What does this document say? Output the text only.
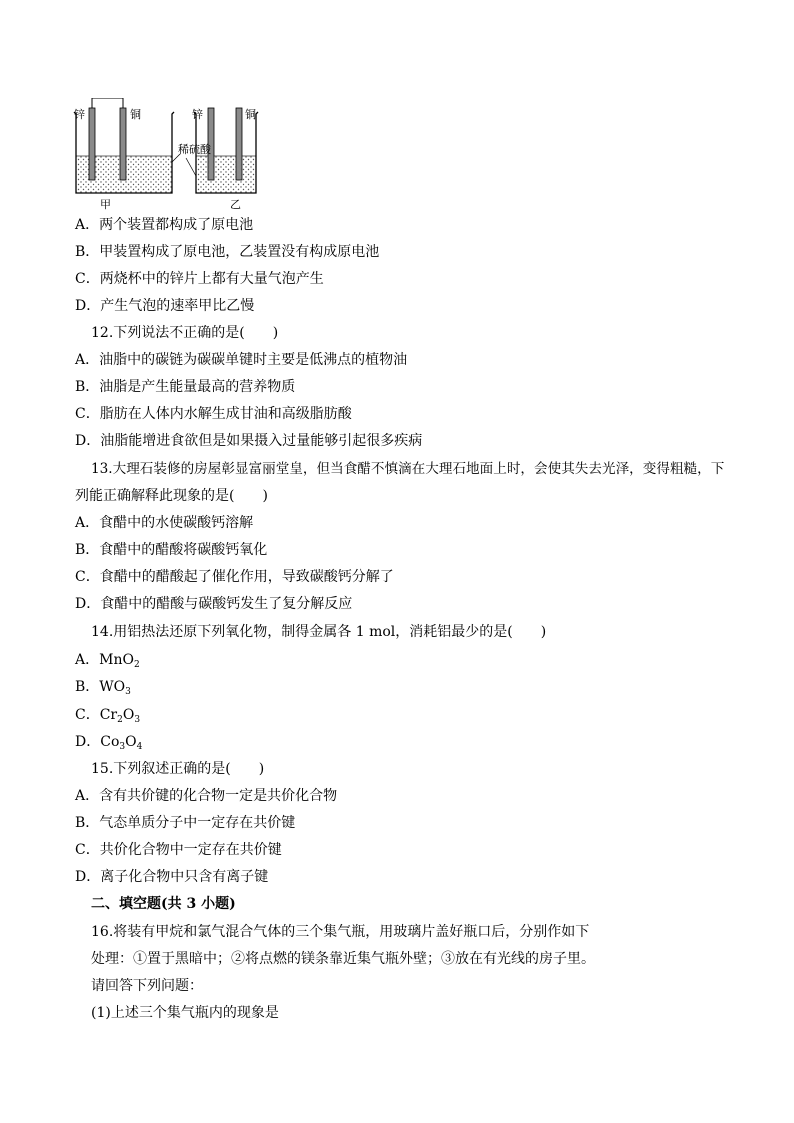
锌	铜	锌	铜
稀硫酸
甲	乙
A．两个装置都构成了原电池
B．甲装置构成了原电池，乙装置没有构成原电池
C．两烧杯中的锌片上都有大量气泡产生
D．产生气泡的速率甲比乙慢
12.下列说法不正确的是(　　)
A．油脂中的碳链为碳碳单键时主要是低沸点的植物油
B．油脂是产生能量最高的营养物质
C．脂肪在人体内水解生成甘油和高级脂肪酸
D．油脂能增进食欲但是如果摄入过量能够引起很多疾病
13.大理石装修的房屋彰显富丽堂皇，但当食醋不慎滴在大理石地面上时，会使其失去光泽，变得粗糙，下
列能正确解释此现象的是(　　)
A．食醋中的水使碳酸钙溶解
B．食醋中的醋酸将碳酸钙氧化
C．食醋中的醋酸起了催化作用，导致碳酸钙分解了
D．食醋中的醋酸与碳酸钙发生了复分解反应
14.用铝热法还原下列氧化物，制得金属各 1 mol，消耗铝最少的是(　　)
A．MnO$_2$
B．$WO_3$
C．$Cr_2O_3$
D．$Co_3O_4$
15.下列叙述正确的是(　　)
A．含有共价键的化合物一定是共价化合物
B．气态单质分子中一定存在共价键
C．共价化合物中一定存在共价键
D．离子化合物中只含有离子键
二、填空题(共 3 小题)
16.将装有甲烷和氯气混合气体的三个集气瓶，用玻璃片盖好瓶口后，分别作如下
处理：①置于黑暗中；②将点燃的镁条靠近集气瓶外壁；③放在有光线的房子里。
请回答下列问题：
(1)上述三个集气瓶内的现象是
